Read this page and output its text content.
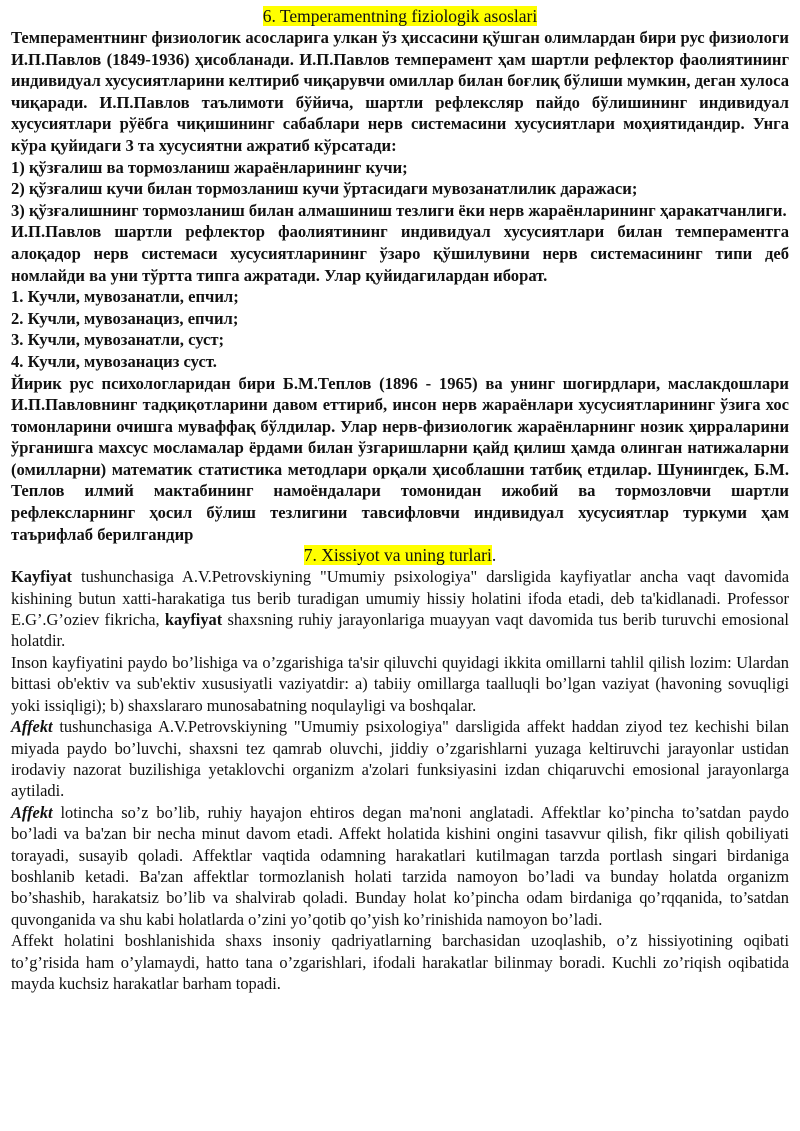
6. Temperamentning fiziologik asoslari

Темпераментнинг физиологик асосларига улкан ўз ҳиссасини қўшган олимлардан бири рус физиологи И.П.Павлов (1849-1936) ҳисобланади. И.П.Павлов темперамент ҳам шартли рефлектор фаолиятининг индивидуал хусусиятларини келтириб чиқарувчи омиллар билан боғлиқ бўлиши мумкин, деган хулоса чиқаради. И.П.Павлов таълимоти бўйича, шартли рефлексляр пайдо бўлишининг индивидуал хусусиятлари рўёбга чиқишининг сабаблари нерв системасини хусусиятлари моҳиятидандир. Унга кўра қуйидаги 3 та хусусиятни ажратиб кўрсатади:

1) қўзғалиш ва тормозланиш жараёнларининг кучи;

2) қўзғалиш кучи билан тормозланиш кучи ўртасидаги мувозанатлилик даражаси;

3) қўзғалишнинг тормозланиш билан алмашиниш тезлиги ёки нерв жараёнларининг ҳаракатчанлиги.

И.П.Павлов шартли рефлектор фаолиятининг индивидуал хусусиятлари билан темпераментга алоқадор нерв системаси хусусиятларининг ўзаро қўшилувини нерв системасининг типи деб номлайди ва уни тўртта типга ажратади. Улар қуйидагилардан иборат.

1. Кучли, мувозанатли, епчил;

2. Кучли, мувозанациз, епчил;

3. Кучли, мувозанатли, суст;

4. Кучли, мувозанациз суст.

Йирик рус психологларидан бири Б.М.Теплов (1896 - 1965) ва унинг шогирдлари, маслакдошлари И.П.Павловнинг тадқиқотларини давом еттириб, инсон нерв жараёнлари хусусиятларининг ўзига хос томонларини очишга муваффақ бўлдилар. Улар нерв-физиологик жараёнларнинг нозик ҳирраларини ўрганишга махсус мосламалар ёрдами билан ўзгаришларни қайд қилиш ҳамда олинган натижаларни (омилларни) математик статистика методлари орқали ҳисоблашни татбиқ етдилар. Шунингдек, Б.М. Теплов илмий мактабининг намоёндалари томонидан ижобий ва тормозловчи шартли рефлексларнинг ҳосил бўлиш тезлигини тавсифловчи индивидуал хусусиятлар туркуми ҳам таърифлаб берилгандир

7. Xissiyot va uning turlari.

Kayfiyat tushunchasiga A.V.Petrovskiyning "Umumiy psixologiya" darsligida kayfiyatlar ancha vaqt davomida kishining butun xatti-harakatiga tus berib turadigan umumiy hissiy holatini ifoda etadi, deb ta'kidlanadi. Professor E.G’.G’oziev fikricha, kayfiyat shaxsning ruhiy jarayonlariga muayyan vaqt davomida tus berib turuvchi emosional holatdir.

Inson kayfiyatini paydo bo’lishiga va o’zgarishiga ta'sir qiluvchi quyidagi ikkita omillarni tahlil qilish lozim: Ulardan bittasi ob'ektiv va sub'ektiv xususiyatli vaziyatdir: a) tabiiy omillarga taalluqli bo’lgan vaziyat (havoning sovuqligi yoki issiqligi); b) shaxslararo munosabatning noqulayligi va boshqalar.

Affekt tushunchasiga A.V.Petrovskiyning "Umumiy psixologiya" darsligida affekt haddan ziyod tez kechishi bilan miyada paydo bo’luvchi, shaxsni tez qamrab oluvchi, jiddiy o’zgarishlarni yuzaga keltiruvchi jarayonlar ustidan irodaviy nazorat buzilishiga yetaklovchi organizm a'zolari funksiyasini izdan chiqaruvchi emosional jarayonlarga aytiladi.

Affekt lotincha so’z bo’lib, ruhiy hayajon ehtiros degan ma'noni anglatadi. Affektlar ko’pincha to’satdan paydo bo’ladi va ba'zan bir necha minut davom etadi. Affekt holatida kishini ongini tasavvur qilish, fikr qilish qobiliyati torayadi, susayib qoladi. Affektlar vaqtida odamning harakatlari kutilmagan tarzda portlash singari birdaniga boshlanib ketadi. Ba'zan affektlar tormozlanish holati tarzida namoyon bo’ladi va bunday holatda organizm bo’shashib, harakatsiz bo’lib va shalvirab qoladi. Bunday holat ko’pincha odam birdaniga qo’rqqanida, to’satdan quvonganida va shu kabi holatlarda o’zini yo’qotib qo’yish ko’rinishida namoyon bo’ladi.

Affekt holatini boshlanishida shaxs insoniy qadriyatlarning barchasidan uzoqlashib, o’z hissiyotining oqibati to’g’risida ham o’ylamaydi, hatto tana o’zgarishlari, ifodali harakatlar bilinmay boradi. Kuchli zo’riqish oqibatida mayda kuchsiz harakatlar barham topadi.
